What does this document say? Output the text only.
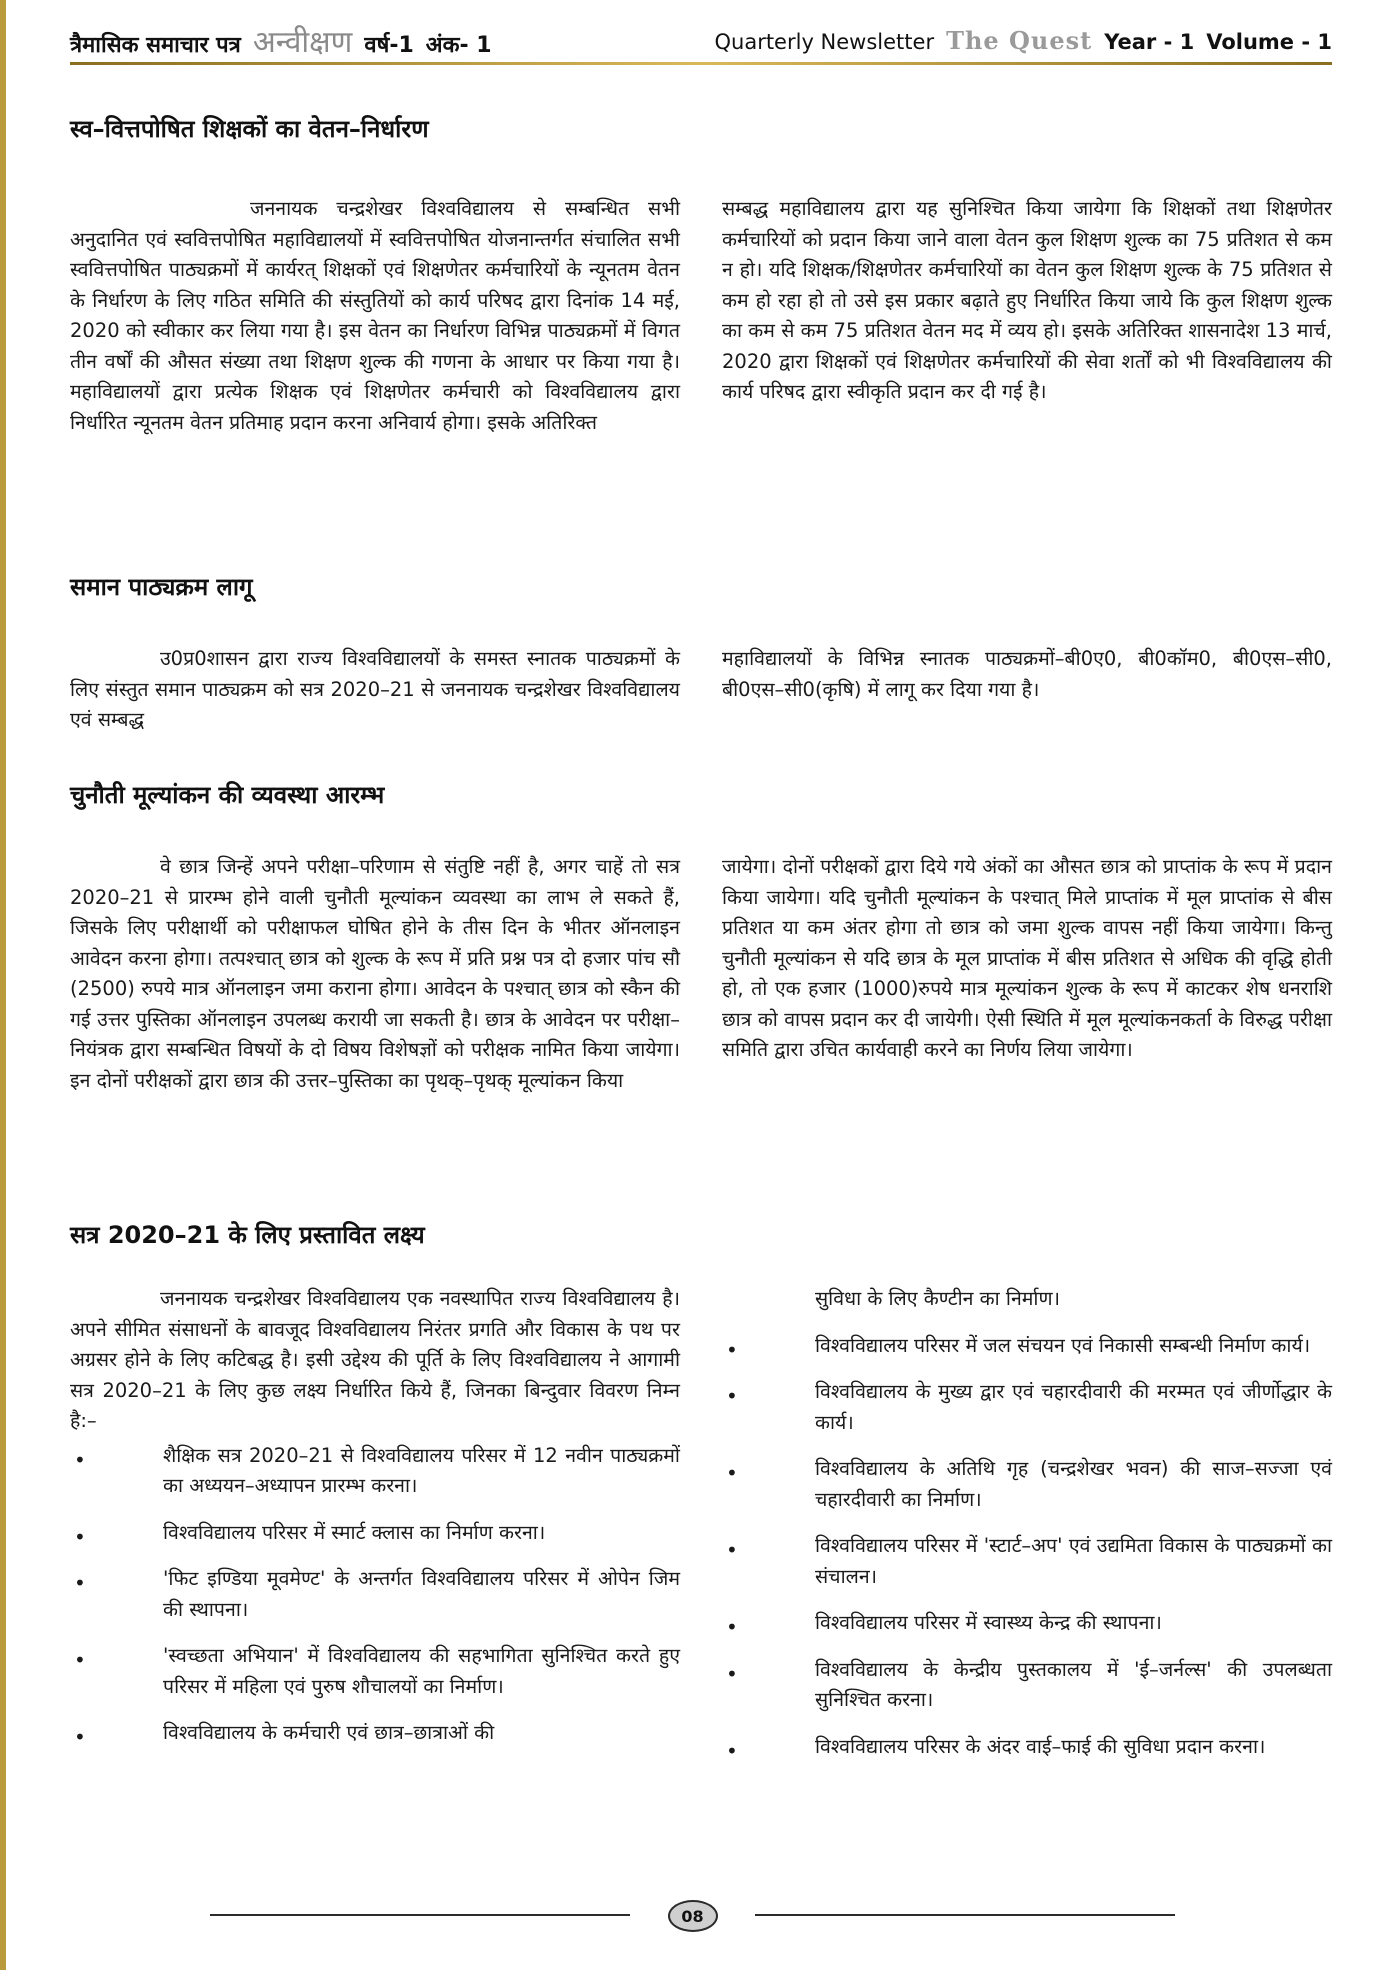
त्रैमासिक समाचार पत्र अन्वीक्षण वर्ष-1 अंक- 1	Quarterly Newsletter The Quest Year - 1 Volume - 1
स्व–वित्तपोषित शिक्षकों का वेतन–निर्धारण

जननायक चन्द्रशेखर विश्वविद्यालय से सम्बन्धित सभी अनुदानित एवं स्ववित्तपोषित महाविद्यालयों में स्ववित्तपोषित योजनान्तर्गत संचालित सभी स्ववित्तपोषित पाठ्यक्रमों में कार्यरत् शिक्षकों एवं शिक्षणेतर कर्मचारियों के न्यूनतम वेतन के निर्धारण के लिए गठित समिति की संस्तुतियों को कार्य परिषद द्वारा दिनांक 14 मई, 2020 को स्वीकार कर लिया गया है। इस वेतन का निर्धारण विभिन्न पाठ्यक्रमों में विगत तीन वर्षों की औसत संख्या तथा शिक्षण शुल्क की गणना के आधार पर किया गया है। महाविद्यालयों द्वारा प्रत्येक शिक्षक एवं शिक्षणेतर कर्मचारी को विश्वविद्यालय द्वारा निर्धारित न्यूनतम वेतन प्रतिमाह प्रदान करना अनिवार्य होगा। इसके अतिरिक्त

सम्बद्ध महाविद्यालय द्वारा यह सुनिश्चित किया जायेगा कि शिक्षकों तथा शिक्षणेतर कर्मचारियों को प्रदान किया जाने वाला वेतन कुल शिक्षण शुल्क का 75 प्रतिशत से कम न हो। यदि शिक्षक/शिक्षणेतर कर्मचारियों का वेतन कुल शिक्षण शुल्क के 75 प्रतिशत से कम हो रहा हो तो उसे इस प्रकार बढ़ाते हुए निर्धारित किया जाये कि कुल शिक्षण शुल्क का कम से कम 75 प्रतिशत वेतन मद में व्यय हो। इसके अतिरिक्त शासनादेश 13 मार्च, 2020 द्वारा शिक्षकों एवं शिक्षणेतर कर्मचारियों की सेवा शर्तों को भी विश्वविद्यालय की कार्य परिषद द्वारा स्वीकृति प्रदान कर दी गई है।

समान पाठ्यक्रम लागू

उ0प्र0शासन द्वारा राज्य विश्वविद्यालयों के समस्त स्नातक पाठ्यक्रमों के लिए संस्तुत समान पाठ्यक्रम को सत्र 2020–21 से जननायक चन्द्रशेखर विश्वविद्यालय एवं सम्बद्ध

महाविद्यालयों के विभिन्न स्नातक पाठ्यक्रमों–बी0ए0, बी0कॉम0, बी0एस–सी0, बी0एस–सी0(कृषि) में लागू कर दिया गया है।

चुनौती मूल्यांकन की व्यवस्था आरम्भ

वे छात्र जिन्हें अपने परीक्षा–परिणाम से संतुष्टि नहीं है, अगर चाहें तो सत्र 2020–21 से प्रारम्भ होने वाली चुनौती मूल्यांकन व्यवस्था का लाभ ले सकते हैं, जिसके लिए परीक्षार्थी को परीक्षाफल घोषित होने के तीस दिन के भीतर ऑनलाइन आवेदन करना होगा। तत्पश्चात् छात्र को शुल्क के रूप में प्रति प्रश्न पत्र दो हजार पांच सौ (2500) रुपये मात्र ऑनलाइन जमा कराना होगा। आवेदन के पश्चात् छात्र को स्कैन की गई उत्तर पुस्तिका ऑनलाइन उपलब्ध करायी जा सकती है। छात्र के आवेदन पर परीक्षा–नियंत्रक द्वारा सम्बन्धित विषयों के दो विषय विशेषज्ञों को परीक्षक नामित किया जायेगा। इन दोनों परीक्षकों द्वारा छात्र की उत्तर–पुस्तिका का पृथक्–पृथक् मूल्यांकन किया

जायेगा। दोनों परीक्षकों द्वारा दिये गये अंकों का औसत छात्र को प्राप्तांक के रूप में प्रदान किया जायेगा। यदि चुनौती मूल्यांकन के पश्चात् मिले प्राप्तांक में मूल प्राप्तांक से बीस प्रतिशत या कम अंतर होगा तो छात्र को जमा शुल्क वापस नहीं किया जायेगा। किन्तु चुनौती मूल्यांकन से यदि छात्र के मूल प्राप्तांक में बीस प्रतिशत से अधिक की वृद्धि होती हो, तो एक हजार (1000)रुपये मात्र मूल्यांकन शुल्क के रूप में काटकर शेष धनराशि छात्र को वापस प्रदान कर दी जायेगी। ऐसी स्थिति में मूल मूल्यांकनकर्ता के विरुद्ध परीक्षा समिति द्वारा उचित कार्यवाही करने का निर्णय लिया जायेगा।

सत्र 2020–21 के लिए प्रस्तावित लक्ष्य

जननायक चन्द्रशेखर विश्वविद्यालय एक नवस्थापित राज्य विश्वविद्यालय है। अपने सीमित संसाधनों के बावजूद विश्वविद्यालय निरंतर प्रगति और विकास के पथ पर अग्रसर होने के लिए कटिबद्ध है। इसी उद्देश्य की पूर्ति के लिए विश्वविद्यालय ने आगामी सत्र 2020–21 के लिए कुछ लक्ष्य निर्धारित किये हैं, जिनका बिन्दुवार विवरण निम्न है:–

• शैक्षिक सत्र 2020–21 से विश्वविद्यालय परिसर में 12 नवीन पाठ्यक्रमों का अध्ययन–अध्यापन प्रारम्भ करना।
• विश्वविद्यालय परिसर में स्मार्ट क्लास का निर्माण करना।
• 'फिट इण्डिया मूवमेण्ट' के अन्तर्गत विश्वविद्यालय परिसर में ओपेन जिम की स्थापना।
• 'स्वच्छता अभियान' में विश्वविद्यालय की सहभागिता सुनिश्चित करते हुए परिसर में महिला एवं पुरुष शौचालयों का निर्माण।
• विश्वविद्यालय के कर्मचारी एवं छात्र–छात्राओं की
सुविधा के लिए कैण्टीन का निर्माण।
• विश्वविद्यालय परिसर में जल संचयन एवं निकासी सम्बन्धी निर्माण कार्य।
• विश्वविद्यालय के मुख्य द्वार एवं चहारदीवारी की मरम्मत एवं जीर्णोद्धार के कार्य।
• विश्वविद्यालय के अतिथि गृह (चन्द्रशेखर भवन) की साज–सज्जा एवं चहारदीवारी का निर्माण।
• विश्वविद्यालय परिसर में 'स्टार्ट–अप' एवं उद्यमिता विकास के पाठ्यक्रमों का संचालन।
• विश्वविद्यालय परिसर में स्वास्थ्य केन्द्र की स्थापना।
• विश्वविद्यालय के केन्द्रीय पुस्तकालय में 'ई–जर्नल्स' की उपलब्धता सुनिश्चित करना।
• विश्वविद्यालय परिसर के अंदर वाई–फाई की सुविधा प्रदान करना।
08
